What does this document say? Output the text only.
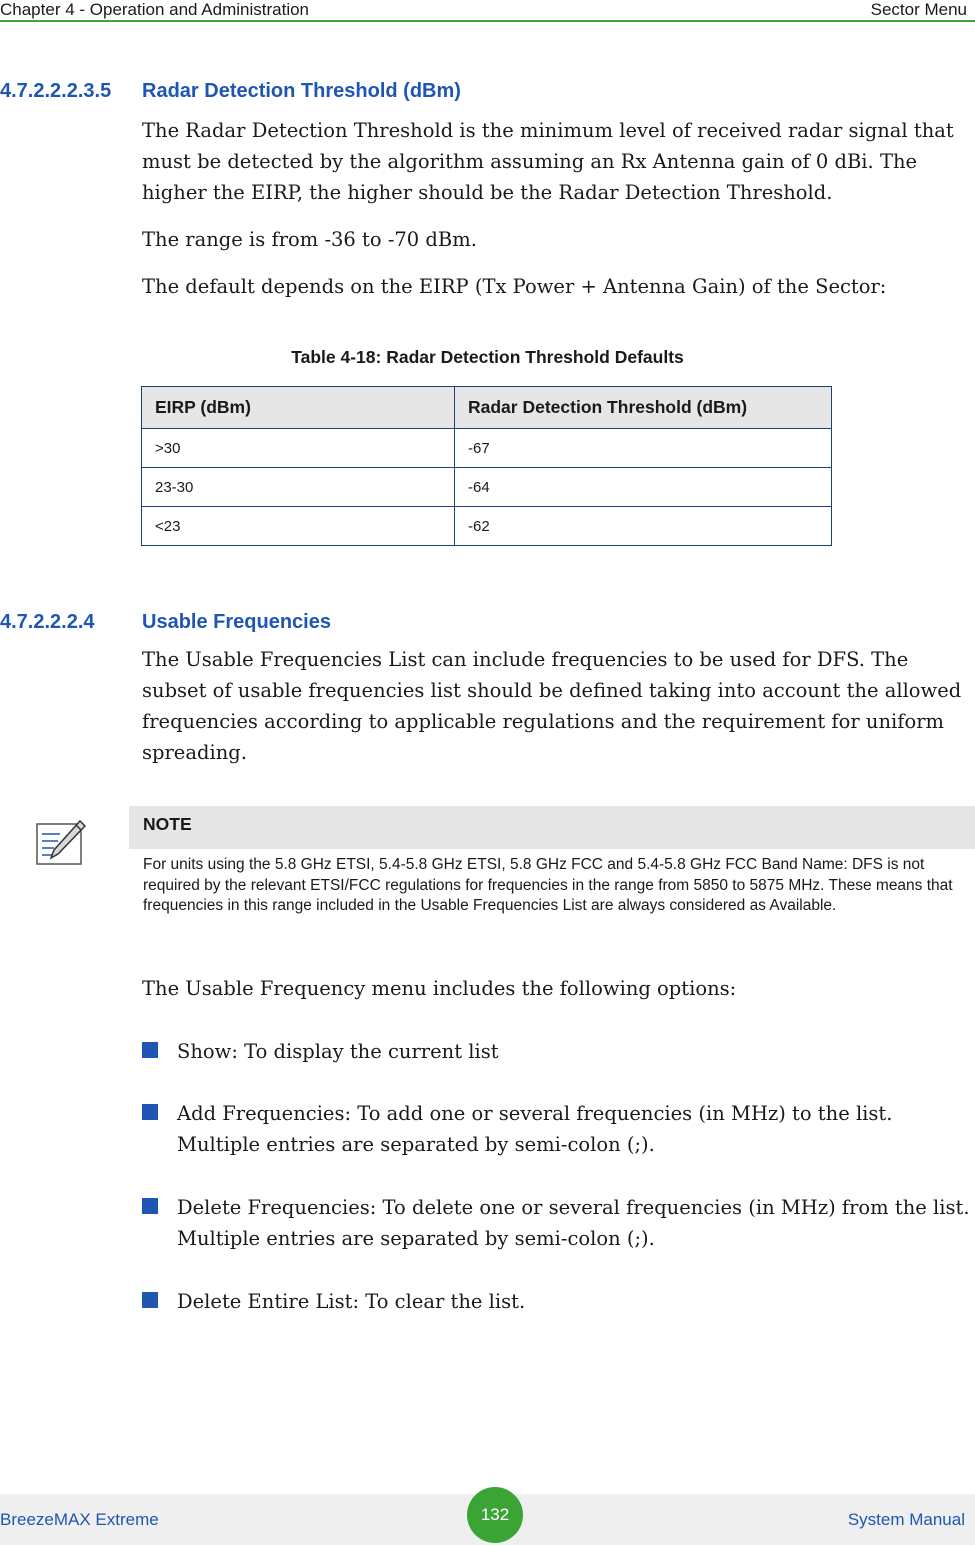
Chapter 4 - Operation and Administration	Sector Menu
4.7.2.2.2.3.5 Radar Detection Threshold (dBm)

The Radar Detection Threshold is the minimum level of received radar signal that must be detected by the algorithm assuming an Rx Antenna gain of 0 dBi. The higher the EIRP, the higher should be the Radar Detection Threshold.

The range is from -36 to -70 dBm.

The default depends on the EIRP (Tx Power + Antenna Gain) of the Sector:

Table 4-18: Radar Detection Threshold Defaults
EIRP (dBm)	Radar Detection Threshold (dBm)
>30	-67
23-30	-64
<23	-62
4.7.2.2.2.4 Usable Frequencies

The Usable Frequencies List can include frequencies to be used for DFS. The subset of usable frequencies list should be defined taking into account the allowed frequencies according to applicable regulations and the requirement for uniform spreading.

NOTE

For units using the 5.8 GHz ETSI, 5.4-5.8 GHz ETSI, 5.8 GHz FCC and 5.4-5.8 GHz FCC Band Name: DFS is not required by the relevant ETSI/FCC regulations for frequencies in the range from 5850 to 5875 MHz. These means that frequencies in this range included in the Usable Frequencies List are always considered as Available.

The Usable Frequency menu includes the following options:

Show: To display the current list

Add Frequencies: To add one or several frequencies (in MHz) to the list. Multiple entries are separated by semi-colon (;).

Delete Frequencies: To delete one or several frequencies (in MHz) from the list. Multiple entries are separated by semi-colon (;).

Delete Entire List: To clear the list.

BreezeMAX Extreme	132	System Manual
